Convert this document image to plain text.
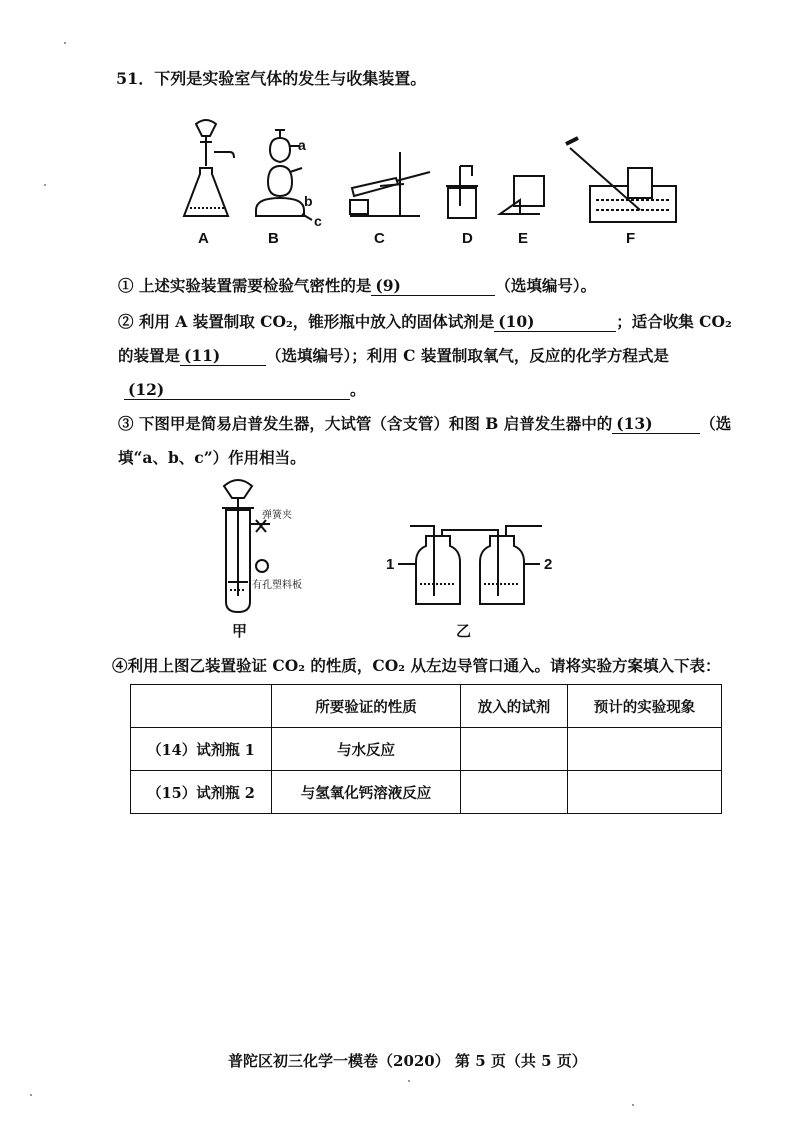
51．下列是实验室气体的发生与收集装置。
a
b
c
A	B	C	D	E	F
① 上述实验装置需要检验气密性的是 (9)	（选填编号）。
② 利用 A 装置制取 CO₂，锥形瓶中放入的固体试剂是 (10)	；适合收集 CO₂
的装置是 (11)	（选填编号）；利用 C 装置制取氧气，反应的化学方程式是
(12)	。
③ 下图甲是简易启普发生器，大试管（含支管）和图 B 启普发生器中的 (13)	（选
填“a、b、c”）作用相当。
弹簧夹
有孔塑料板
甲
1	2
乙
④利用上图乙装置验证 CO₂ 的性质，CO₂ 从左边导管口通入。请将实验方案填入下表：
	所要验证的性质	放入的试剂	预计的实验现象
（14）试剂瓶 1	与水反应		
（15）试剂瓶 2	与氢氧化钙溶液反应		
普陀区初三化学一模卷（2020） 第 5 页（共 5 页）
